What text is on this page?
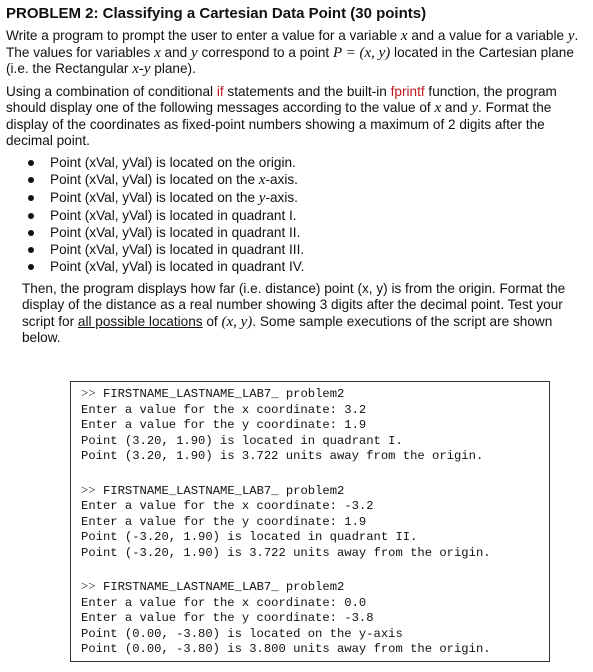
PROBLEM 2: Classifying a Cartesian Data Point (30 points)

Write a program to prompt the user to enter a value for a variable x and a value for a variable y. The values for variables x and y correspond to a point P = (x, y) located in the Cartesian plane (i.e. the Rectangular x-y plane).

Using a combination of conditional if statements and the built-in fprintf function, the program should display one of the following messages according to the value of x and y. Format the display of the coordinates as fixed-point numbers showing a maximum of 2 digits after the decimal point.

Point (xVal, yVal) is located on the origin.
Point (xVal, yVal) is located on the x-axis.
Point (xVal, yVal) is located on the y-axis.
Point (xVal, yVal) is located in quadrant I.
Point (xVal, yVal) is located in quadrant II.
Point (xVal, yVal) is located in quadrant III.
Point (xVal, yVal) is located in quadrant IV.

Then, the program displays how far (i.e. distance) point (x, y) is from the origin. Format the display of the distance as a real number showing 3 digits after the decimal point. Test your script for all possible locations of (x, y). Some sample executions of the script are shown below.

>> FIRSTNAME_LASTNAME_LAB7_ problem2

Enter a value for the x coordinate: 3.2

Enter a value for the y coordinate: 1.9

Point (3.20, 1.90) is located in quadrant I.

Point (3.20, 1.90) is 3.722 units away from the origin.

>> FIRSTNAME_LASTNAME_LAB7_ problem2

Enter a value for the x coordinate: -3.2

Enter a value for the y coordinate: 1.9

Point (-3.20, 1.90) is located in quadrant II.

Point (-3.20, 1.90) is 3.722 units away from the origin.

>> FIRSTNAME_LASTNAME_LAB7_ problem2

Enter a value for the x coordinate: 0.0

Enter a value for the y coordinate: -3.8

Point (0.00, -3.80) is located on the y-axis

Point (0.00, -3.80) is 3.800 units away from the origin.
